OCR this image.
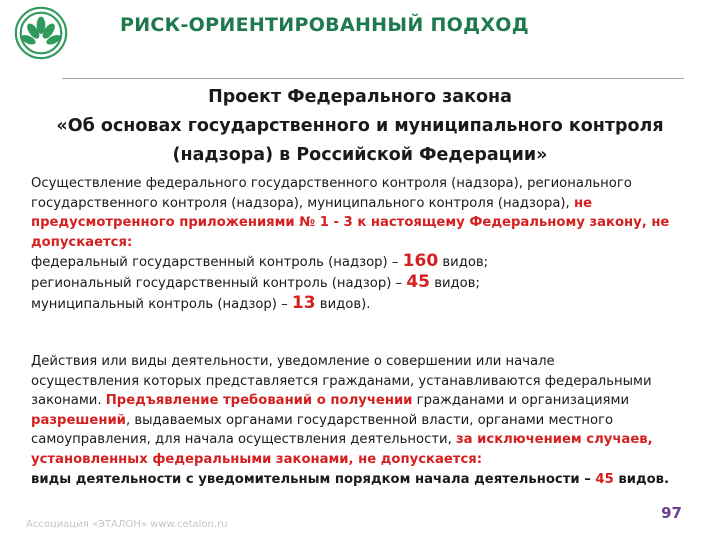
РИСК-ОРИЕНТИРОВАННЫЙ ПОДХОД
Проект Федерального закона
«Об основах государственного и муниципального контроля
(надзора) в Российской Федерации»
Осуществление федерального государственного контроля (надзора), регионального
государственного контроля (надзора), муниципального контроля (надзора), не
предусмотренного приложениями № 1 - 3 к настоящему Федеральному закону, не
допускается:
федеральный государственный контроль (надзор) – 160 видов;
региональный государственный контроль (надзор) – 45 видов;
муниципальный контроль (надзор) – 13 видов).
Действия или виды деятельности, уведомление о совершении или начале
осуществления которых представляется гражданами, устанавливаются федеральными
законами. Предъявление требований о получении гражданами и организациями
разрешений, выдаваемых органами государственной власти, органами местного
самоуправления, для начала осуществления деятельности, за исключением случаев,
установленных федеральными законами, не допускается:
виды деятельности с уведомительным порядком начала деятельности – 45 видов.
Ассоциация «ЭТАЛОН» www.cetalon.ru
97
